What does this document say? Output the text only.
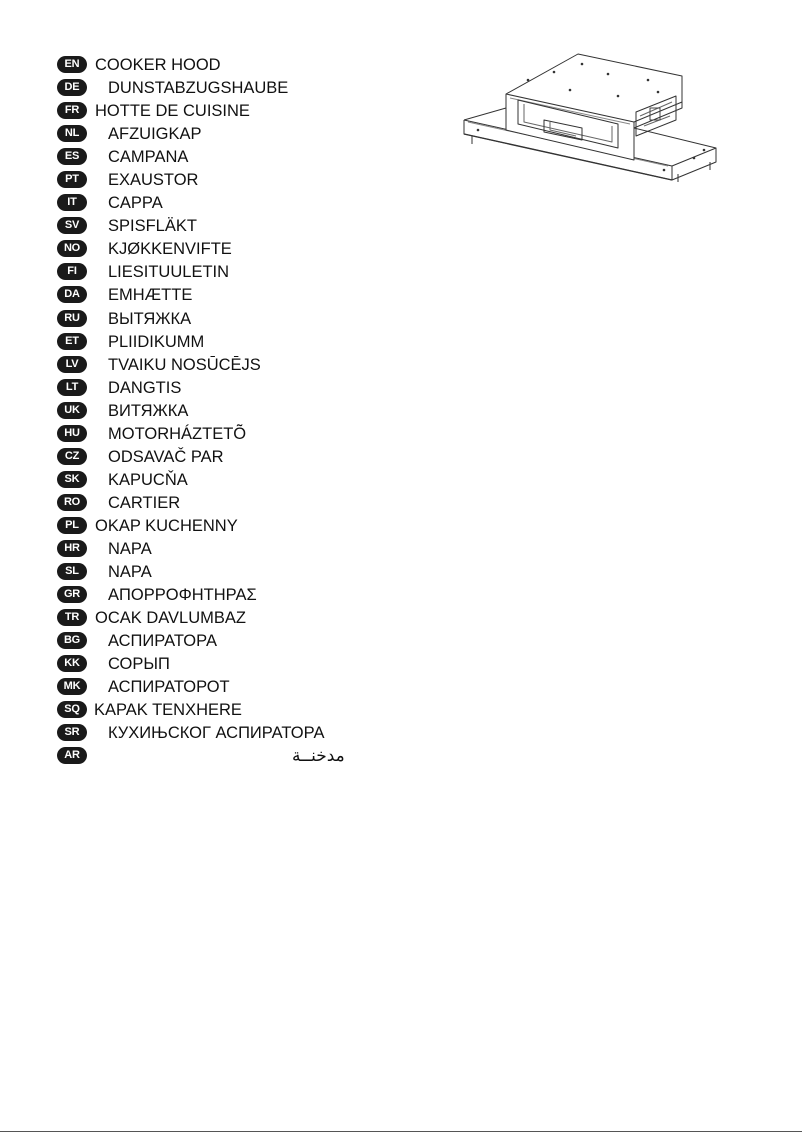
EN COOKER HOOD
DE	DUNSTABZUGSHAUBE
FR HOTTE DE CUISINE
NL	AFZUIGKAP
ES	CAMPANA
PT	EXAUSTOR
IT	CAPPA
SV	SPISFLÄKT
NO	KJØKKENVIFTE
FI	LIESITUULETIN
DA	EMHÆTTE
RU	ВЫТЯЖКА
ET	PLIIDIKUMM
LV	TVAIKU NOSŪCĒJS
LT	DANGTIS
UK	ВИТЯЖКА
HU	MOTORHÁZTETÕ
CZ	ODSAVAČ PAR
SK	KAPUCŇA
RO	CARTIER
PL OKAP KUCHENNY
HR	NAPA
SL	NAPA
GR	ΑΠΟΡΡΟΦΗΤΗΡΑΣ
TR OCAK DAVLUMBAZ
BG	АСПИРАТОРА
KK	СОРЫП
MK	АСПИРАТОРОТ
SQ KAPAK TENXHERE
SR	КУХИЊСКОГ АСПИРАТОРА
AR	مدخنــة
